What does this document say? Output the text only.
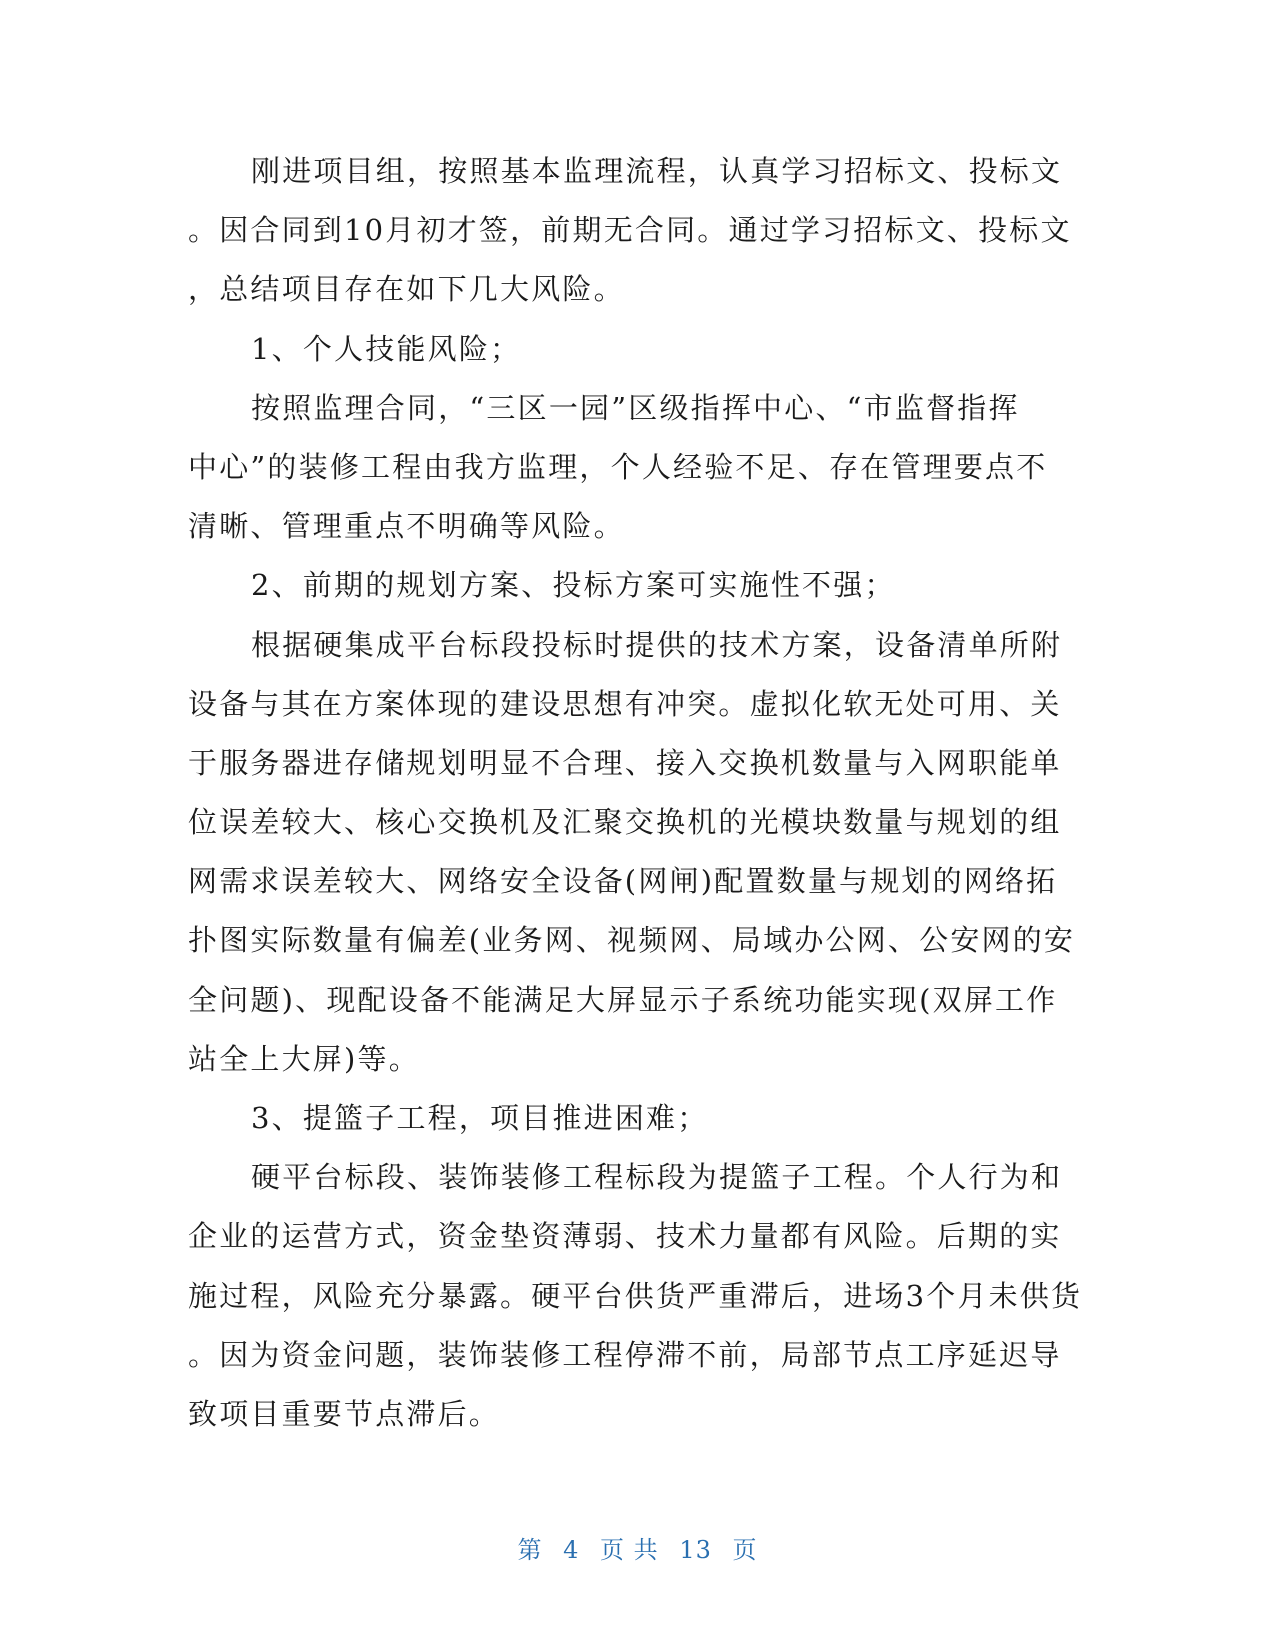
刚进项目组，按照基本监理流程，认真学习招标文、投标文
。因合同到10月初才签，前期无合同。通过学习招标文、投标文
，总结项目存在如下几大风险。
1、个人技能风险；
按照监理合同，“三区一园”区级指挥中心、“市监督指挥
中心”的装修工程由我方监理，个人经验不足、存在管理要点不
清晰、管理重点不明确等风险。
2、前期的规划方案、投标方案可实施性不强；
根据硬集成平台标段投标时提供的技术方案，设备清单所附
设备与其在方案体现的建设思想有冲突。虚拟化软无处可用、关
于服务器进存储规划明显不合理、接入交换机数量与入网职能单
位误差较大、核心交换机及汇聚交换机的光模块数量与规划的组
网需求误差较大、网络安全设备(网闸)配置数量与规划的网络拓
扑图实际数量有偏差(业务网、视频网、局域办公网、公安网的安
全问题)、现配设备不能满足大屏显示子系统功能实现(双屏工作
站全上大屏)等。
3、提篮子工程，项目推进困难；
硬平台标段、装饰装修工程标段为提篮子工程。个人行为和
企业的运营方式，资金垫资薄弱、技术力量都有风险。后期的实
施过程，风险充分暴露。硬平台供货严重滞后，进场3个月未供货
。因为资金问题，装饰装修工程停滞不前，局部节点工序延迟导
致项目重要节点滞后。
第 4 页 共 13 页
